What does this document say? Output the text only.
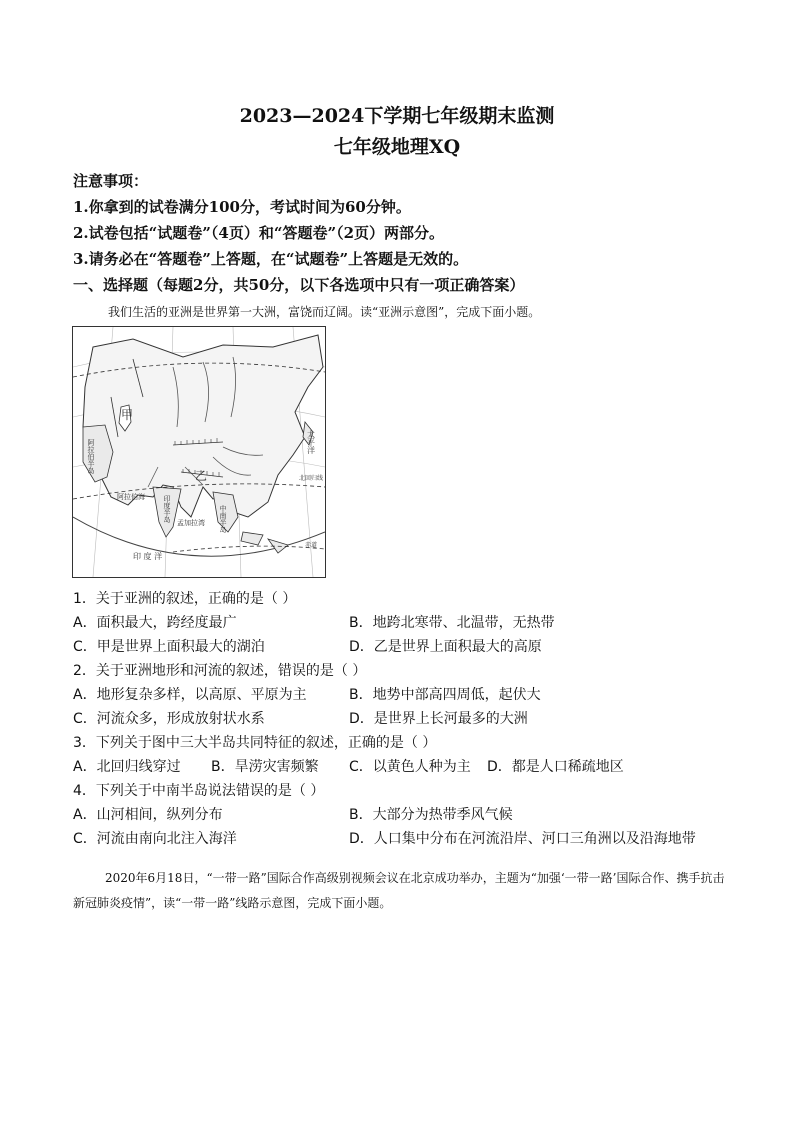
2023—2024下学期七年级期末监测
七年级地理XQ
注意事项：
1.你拿到的试卷满分100分，考试时间为60分钟。
2.试卷包括“试题卷”（4页）和“答题卷”（2页）两部分。
3.请务必在“答题卷”上答题，在“试题卷”上答题是无效的。
一、选择题（每题2分，共50分，以下各选项中只有一项正确答案）
我们生活的亚洲是世界第一大洲，富饶而辽阔。读“亚洲示意图”，完成下面小题。
甲
乙
太平洋
阿拉伯半岛
阿拉伯海	印度半岛 孟加拉湾 中南半岛
印 度 洋
北回归线
赤道
1．关于亚洲的叙述，正确的是（ ）
A．面积最大，跨经度最广	B．地跨北寒带、北温带，无热带
C．甲是世界上面积最大的湖泊	D．乙是世界上面积最大的高原
2．关于亚洲地形和河流的叙述，错误的是（ ）
A．地形复杂多样，以高原、平原为主	B．地势中部高四周低，起伏大
C．河流众多，形成放射状水系	D．是世界上长河最多的大洲
3．下列关于图中三大半岛共同特征的叙述，正确的是（ ）
A．北回归线穿过 B．旱涝灾害频繁 C．以黄色人种为主 D．都是人口稀疏地区
4．下列关于中南半岛说法错误的是（ ）
A．山河相间，纵列分布	B．大部分为热带季风气候
C．河流由南向北注入海洋	D．人口集中分布在河流沿岸、河口三角洲以及沿海地带
2020年6月18日，“一带一路”国际合作高级别视频会议在北京成功举办，主题为“加强‘一带一路’国际合作、携手抗击新冠肺炎疫情”，读“一带一路”线路示意图，完成下面小题。
